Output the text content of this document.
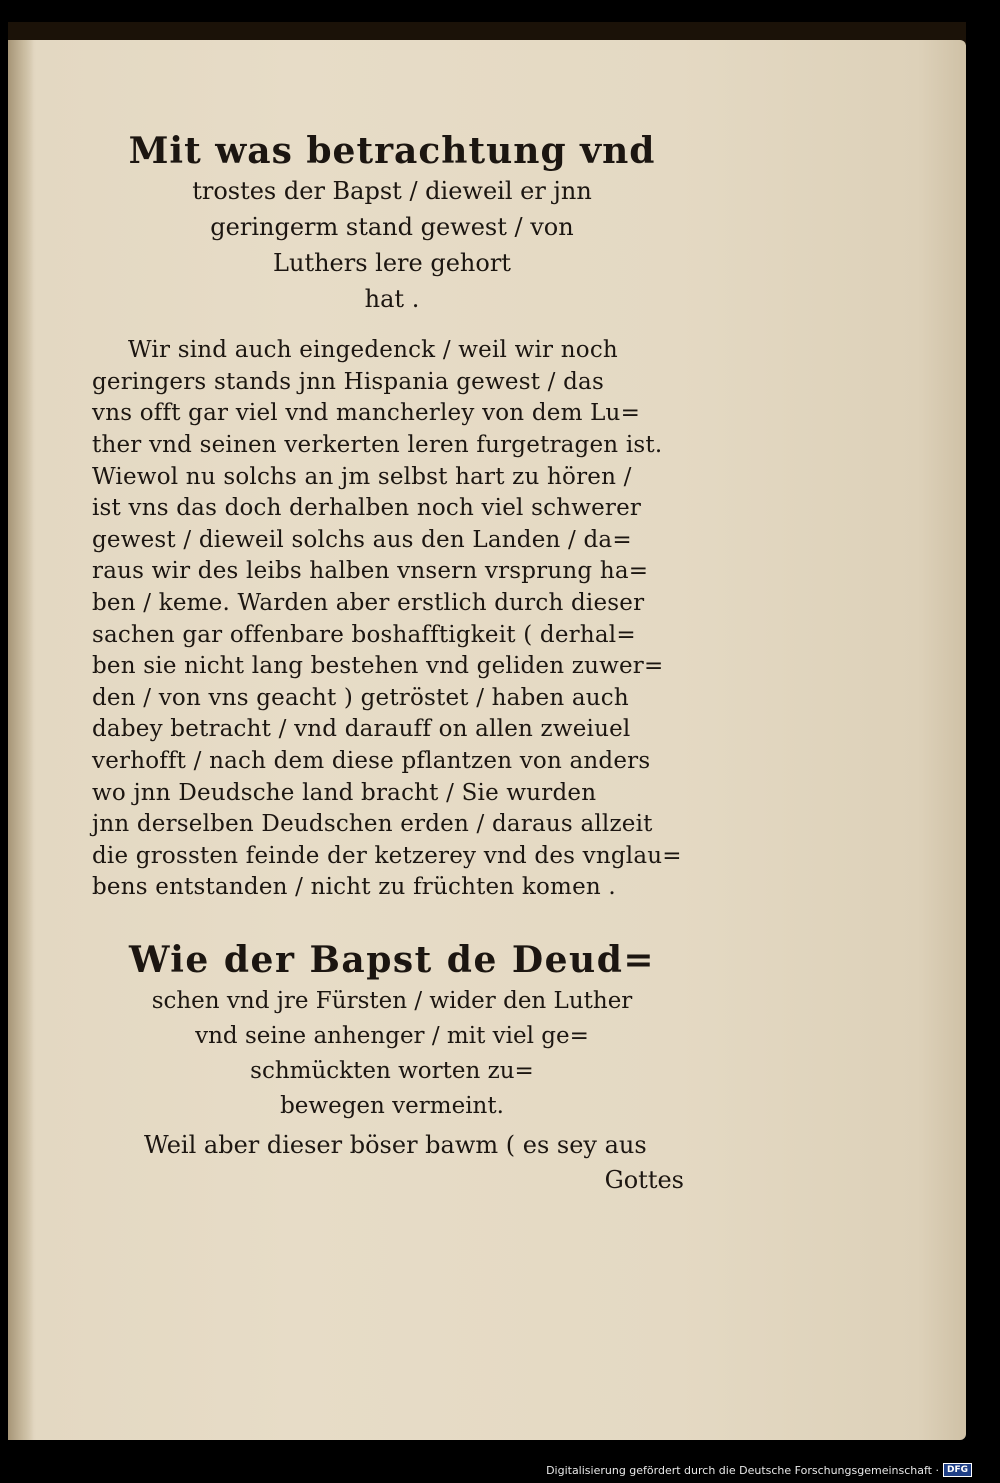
Mit was betrachtung vnd
trostes der Bapst / dieweil er jnn
geringerm stand gewest / von
Luthers lere gehort
hat .
Wir sind auch eingedenck / weil wir noch
geringers stands jnn Hispania gewest / das
vns offt gar viel vnd mancherley von dem Lu=
ther vnd seinen verkerten leren furgetragen ist.
Wiewol nu solchs an jm selbst hart zu hören /
ist vns das doch derhalben noch viel schwerer
gewest / dieweil solchs aus den Landen / da=
raus wir des leibs halben vnsern vrsprung ha=
ben / keme. Warden aber erstlich durch dieser
sachen gar offenbare boshafftigkeit ( derhal=
ben sie nicht lang bestehen vnd geliden zuwer=
den / von vns geacht ) getröstet / haben auch
dabey betracht / vnd darauff on allen zweiuel
verhofft / nach dem diese pflantzen von anders
wo jnn Deudsche land bracht / Sie wurden
jnn derselben Deudschen erden / daraus allzeit
die grossten feinde der ketzerey vnd des vnglau=
bens entstanden / nicht zu früchten komen .
Wie der Bapst de Deud=
schen vnd jre Fürsten / wider den Luther
vnd seine anhenger / mit viel ge=
schmückten worten zu=
bewegen vermeint.
Weil aber dieser böser bawm ( es sey aus
Gottes
Digitalisierung gefördert durch die Deutsche Forschungsgemeinschaft · DFG
